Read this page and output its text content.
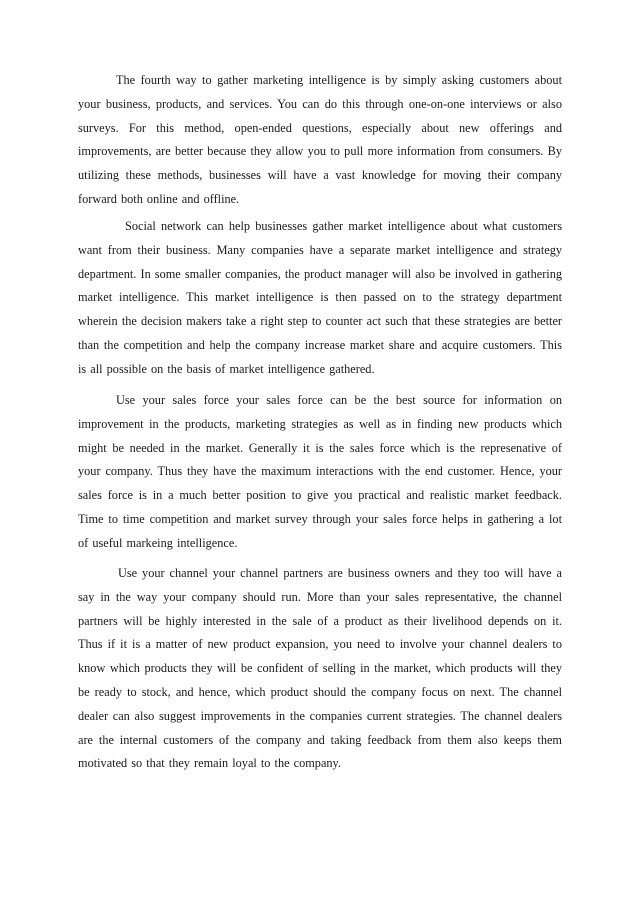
The fourth way to gather marketing intelligence is by simply asking customers about your business, products, and services. You can do this through one-on-one interviews or also surveys. For this method, open-ended questions, especially about new offerings and improvements, are better because they allow you to pull more information from consumers. By utilizing these methods, businesses will have a vast knowledge for moving their company forward both online and offline.

Social network can help businesses gather market intelligence about what customers want from their business. Many companies have a separate market intelligence and strategy department. In some smaller companies, the product manager will also be involved in gathering market intelligence. This market intelligence is then passed on to the strategy department wherein the decision makers take a right step to counter act such that these strategies are better than the competition and help the company increase market share and acquire customers. This is all possible on the basis of market intelligence gathered.

Use your sales force your sales force can be the best source for information on improvement in the products, marketing strategies as well as in finding new products which might be needed in the market. Generally it is the sales force which is the represenative of your company. Thus they have the maximum interactions with the end customer. Hence, your sales force is in a much better position to give you practical and realistic market feedback. Time to time competition and market survey through your sales force helps in gathering a lot of useful markeing intelligence.

Use your channel your channel partners are business owners and they too will have a say in the way your company should run. More than your sales representative, the channel partners will be highly interested in the sale of a product as their livelihood depends on it. Thus if it is a matter of new product expansion, you need to involve your channel dealers to know which products they will be confident of selling in the market, which products will they be ready to stock, and hence, which product should the company focus on next. The channel dealer can also suggest improvements in the companies current strategies. The channel dealers are the internal customers of the company and taking feedback from them also keeps them motivated so that they remain loyal to the company.
